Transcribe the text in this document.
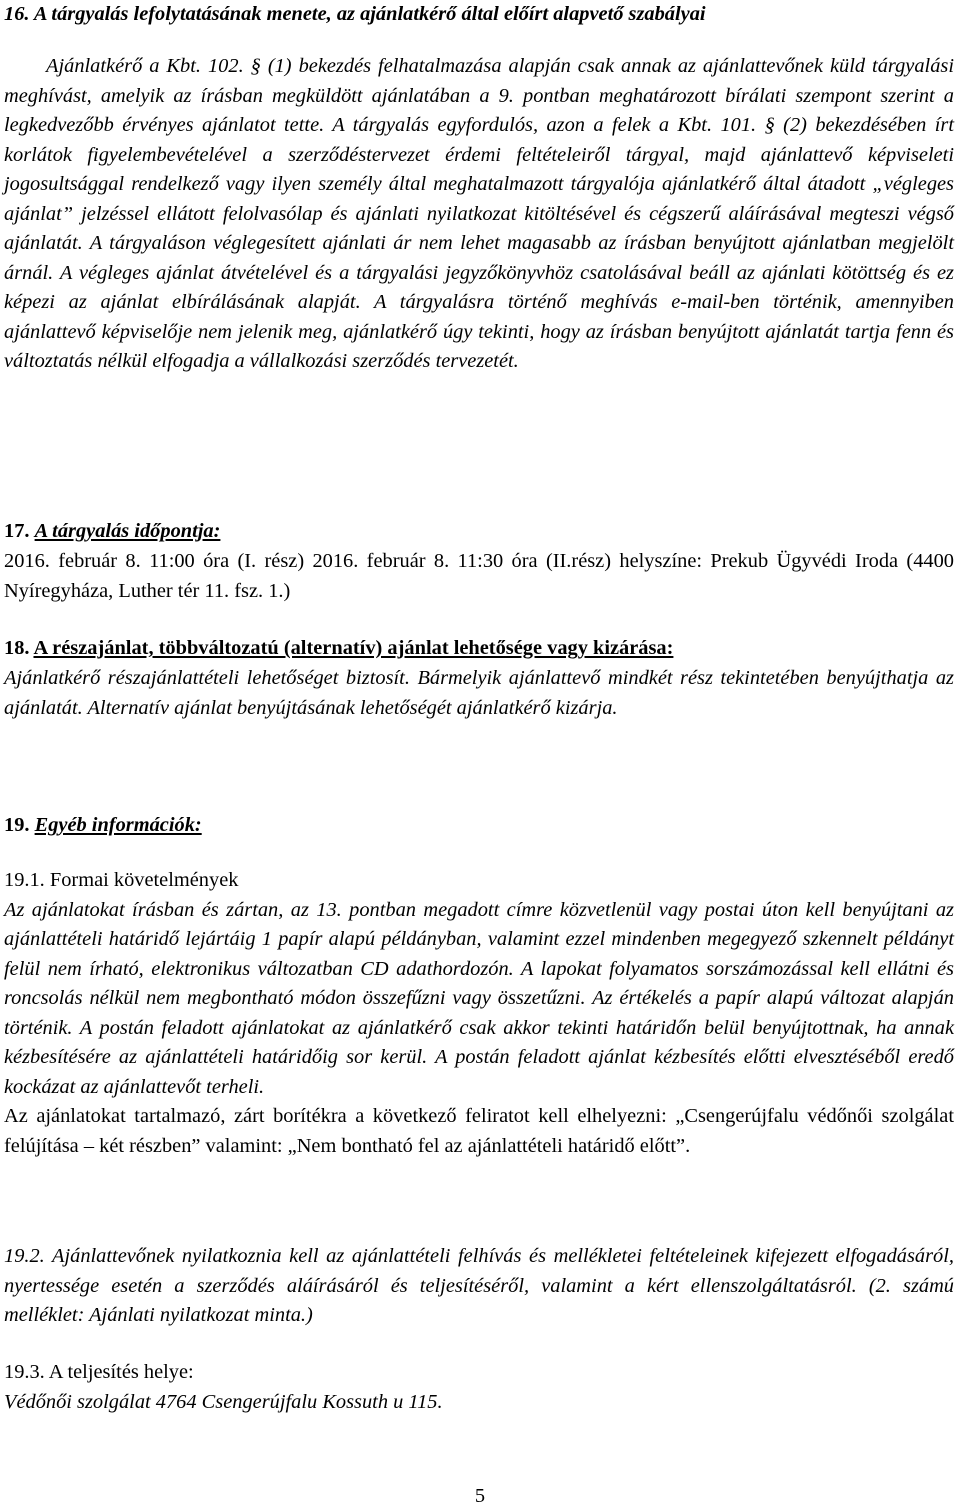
16. A tárgyalás lefolytatásának menete, az ajánlatkérő által előírt alapvető szabályai

Ajánlatkérő a Kbt. 102. § (1) bekezdés felhatalmazása alapján csak annak az ajánlattevőnek küld tárgyalási meghívást, amelyik az írásban megküldött ajánlatában a 9. pontban meghatározott bírálati szempont szerint a legkedvezőbb érvényes ajánlatot tette. A tárgyalás egyfordulós, azon a felek a Kbt. 101. § (2) bekezdésében írt korlátok figyelembevételével a szerződéstervezet érdemi feltételeiről tárgyal, majd ajánlattevő képviseleti jogosultsággal rendelkező vagy ilyen személy által meghatalmazott tárgyalója ajánlatkérő által átadott „végleges ajánlat” jelzéssel ellátott felolvasólap és ajánlati nyilatkozat kitöltésével és cégszerű aláírásával megteszi végső ajánlatát. A tárgyaláson véglegesített ajánlati ár nem lehet magasabb az írásban benyújtott ajánlatban megjelölt árnál. A végleges ajánlat átvételével és a tárgyalási jegyzőkönyvhöz csatolásával beáll az ajánlati kötöttség és ez képezi az ajánlat elbírálásának alapját. A tárgyalásra történő meghívás e-mail-ben történik, amennyiben ajánlattevő képviselője nem jelenik meg, ajánlatkérő úgy tekinti, hogy az írásban benyújtott ajánlatát tartja fenn és változtatás nélkül elfogadja a vállalkozási szerződés tervezetét.

17. A tárgyalás időpontja:

2016. február 8. 11:00 óra (I. rész) 2016. február 8. 11:30 óra (II.rész) helyszíne: Prekub Ügyvédi Iroda (4400 Nyíregyháza, Luther tér 11. fsz. 1.)

18. A részajánlat, többváltozatú (alternatív) ajánlat lehetősége vagy kizárása:

Ajánlatkérő részajánlattételi lehetőséget biztosít. Bármelyik ajánlattevő mindkét rész tekintetében benyújthatja az ajánlatát. Alternatív ajánlat benyújtásának lehetőségét ajánlatkérő kizárja.

19. Egyéb információk:

19.1. Formai követelmények

Az ajánlatokat írásban és zártan, az 13. pontban megadott címre közvetlenül vagy postai úton kell benyújtani az ajánlattételi határidő lejártáig 1 papír alapú példányban, valamint ezzel mindenben megegyező szkennelt példányt felül nem írható, elektronikus változatban CD adathordozón. A lapokat folyamatos sorszámozással kell ellátni és roncsolás nélkül nem megbontható módon összefűzni vagy összetűzni. Az értékelés a papír alapú változat alapján történik. A postán feladott ajánlatokat az ajánlatkérő csak akkor tekinti határidőn belül benyújtottnak, ha annak kézbesítésére az ajánlattételi határidőig sor kerül. A postán feladott ajánlat kézbesítés előtti elvesztéséből eredő kockázat az ajánlattevőt terheli.

Az ajánlatokat tartalmazó, zárt borítékra a következő feliratot kell elhelyezni: „Csengerújfalu védőnői szolgálat felújítása – két részben” valamint: „Nem bontható fel az ajánlattételi határidő előtt”.

19.2. Ajánlattevőnek nyilatkoznia kell az ajánlattételi felhívás és mellékletei feltételeinek kifejezett elfogadásáról, nyertessége esetén a szerződés aláírásáról és teljesítéséről, valamint a kért ellenszolgáltatásról. (2. számú melléklet: Ajánlati nyilatkozat minta.)

19.3. A teljesítés helye:

Védőnői szolgálat 4764 Csengerújfalu Kossuth u 115.

5
